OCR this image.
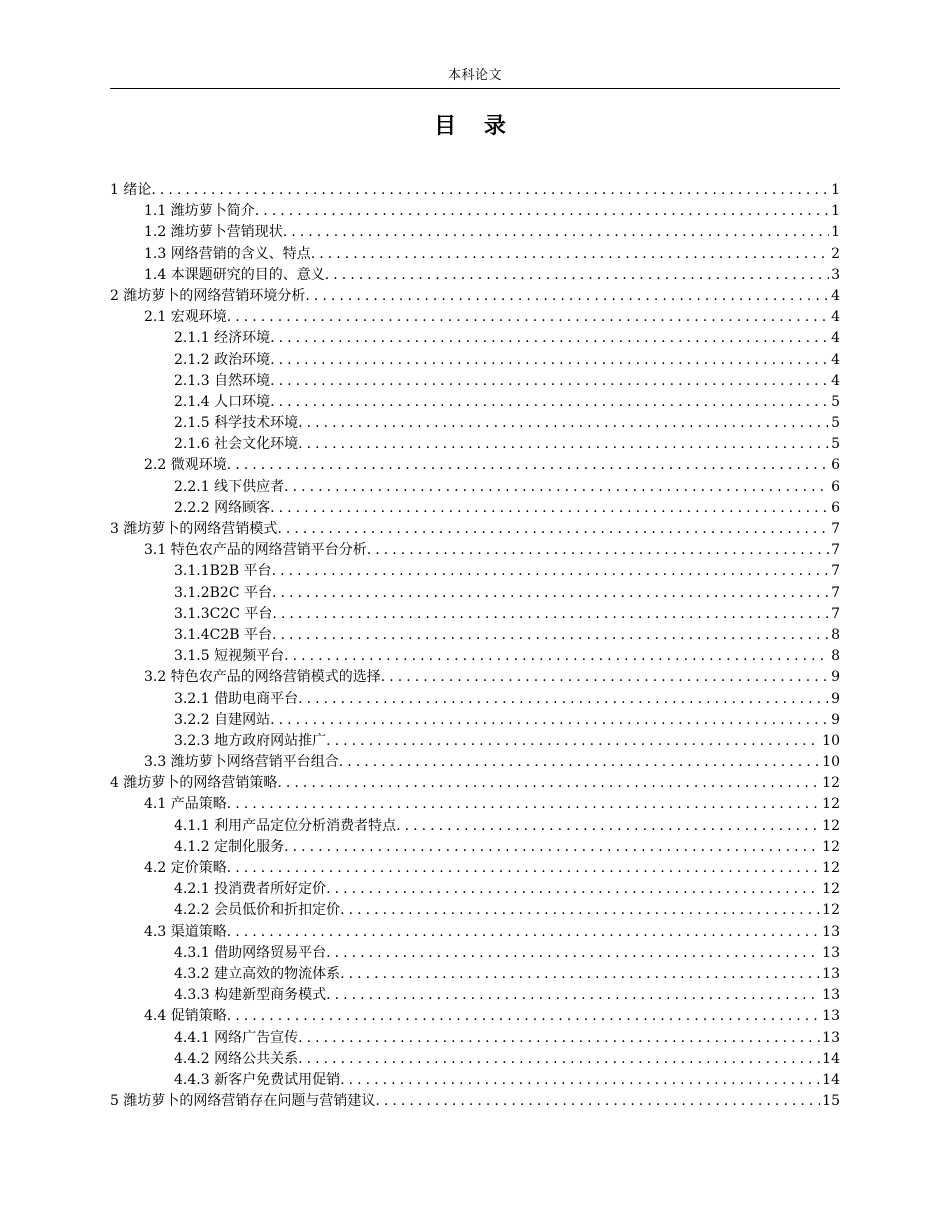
本科论文
目 录
1 绪论 . . .	1
1.1 潍坊萝卜简介 . . .	1
1.2 潍坊萝卜营销现状 . . .	1
1.3 网络营销的含义、特点 . . .	2
1.4 本课题研究的目的、意义 . . .	3
2 潍坊萝卜的网络营销环境分析 . . .	4
2.1 宏观环境 . . .	4
2.1.1 经济环境 . . .	4
2.1.2 政治环境 . . .	4
2.1.3 自然环境 . . .	4
2.1.4 人口环境 . . .	5
2.1.5 科学技术环境 . . .	5
2.1.6 社会文化环境 . . .	5
2.2 微观环境 . . .	6
2.2.1 线下供应者 . . .	6
2.2.2 网络顾客 . . .	6
3 潍坊萝卜的网络营销模式 . . .	7
3.1 特色农产品的网络营销平台分析 . . .	7
3.1.1B2B 平台 . . .	7
3.1.2B2C 平台 . . .	7
3.1.3C2C 平台 . . .	7
3.1.4C2B 平台 . . .	8
3.1.5 短视频平台 . . .	8
3.2 特色农产品的网络营销模式的选择 . . .	9
3.2.1 借助电商平台 . . .	9
3.2.2 自建网站 . . .	9
3.2.3 地方政府网站推广 . . .	10
3.3 潍坊萝卜网络营销平台组合 . . .	10
4 潍坊萝卜的网络营销策略 . . .	12
4.1 产品策略 . . .	12
4.1.1 利用产品定位分析消费者特点 . . .	12
4.1.2 定制化服务 . . .	12
4.2 定价策略 . . .	12
4.2.1 投消费者所好定价 . . .	12
4.2.2 会员低价和折扣定价 . . .	12
4.3 渠道策略 . . .	13
4.3.1 借助网络贸易平台 . . .	13
4.3.2 建立高效的物流体系 . . .	13
4.3.3 构建新型商务模式 . . .	13
4.4 促销策略 . . .	13
4.4.1 网络广告宣传 . . .	13
4.4.2 网络公共关系 . . .	14
4.4.3 新客户免费试用促销 . . .	14
5 潍坊萝卜的网络营销存在问题与营销建议 . . .	15
